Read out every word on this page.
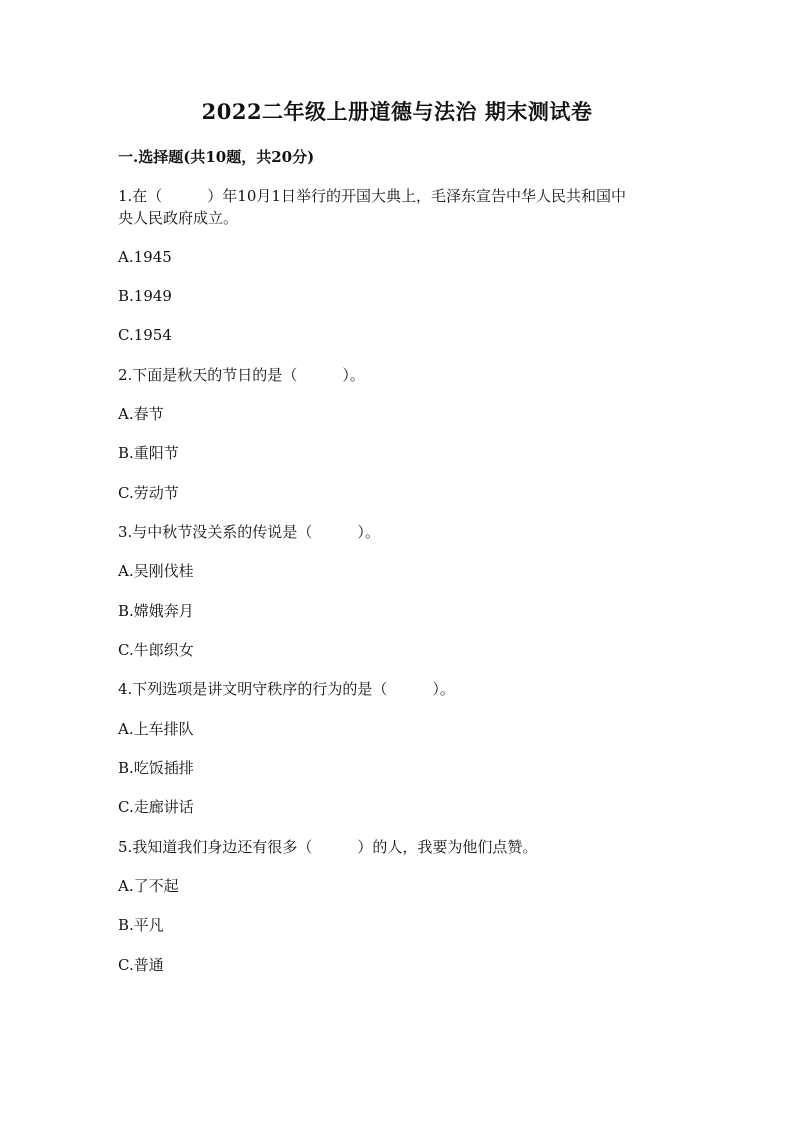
2022二年级上册道德与法治 期末测试卷
一.选择题(共10题，共20分)
1.在（　　　）年10月1日举行的开国大典上，毛泽东宣告中华人民共和国中
央人民政府成立。
A.1945
B.1949
C.1954
2.下面是秋天的节日的是（　　　）。
A.春节
B.重阳节
C.劳动节
3.与中秋节没关系的传说是（　　　）。
A.吴刚伐桂
B.嫦娥奔月
C.牛郎织女
4.下列选项是讲文明守秩序的行为的是（　　　）。
A.上车排队
B.吃饭插排
C.走廊讲话
5.我知道我们身边还有很多（　　　）的人，我要为他们点赞。
A.了不起
B.平凡
C.普通
